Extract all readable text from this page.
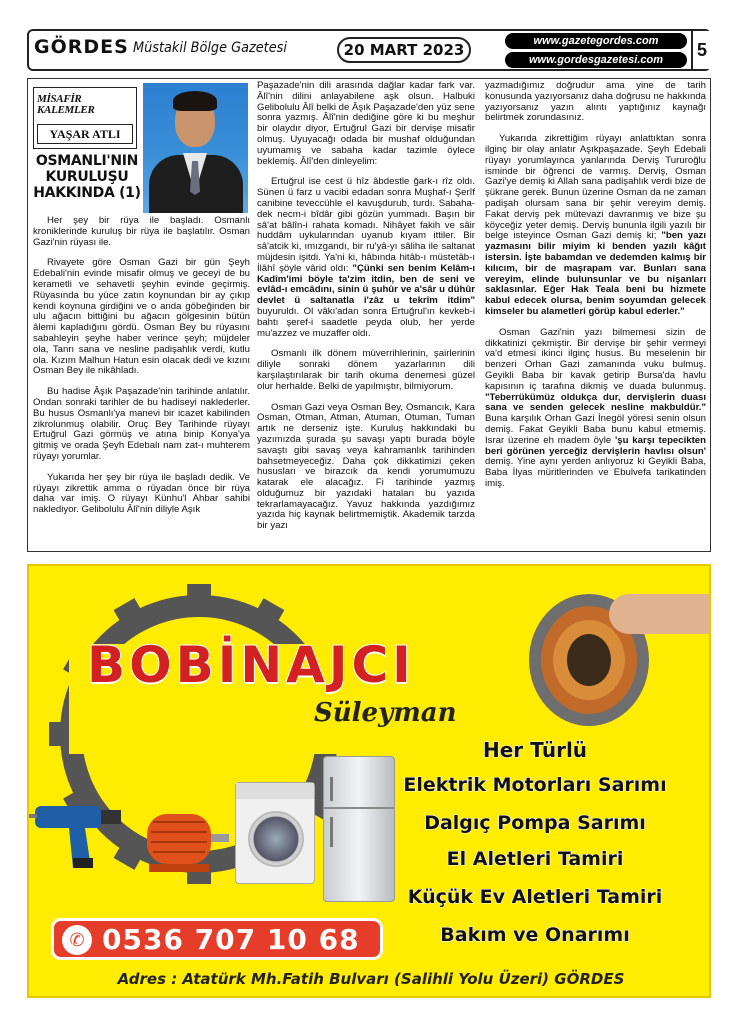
GÖRDES Müstakil Bölge Gazetesi	20 MART 2023	www.gazetegordes.com
www.gordesgazetesi.com	5
MİSAFİR KALEMLER
YAŞAR ATLI
OSMANLI'NIN KURULUŞU HAKKINDA (1)

Her şey bir rüya ile başladı. Osmanlı kroniklerinde kuruluş bir rüya ile başlatılır. Osman Gazi'nin rüyası ile.

Rivayete göre Osman Gazi bir gün Şeyh Edebali'nin evinde misafir olmuş ve geceyi de bu kerametli ve sehavetli şeyhin evinde geçirmiş. Rüyasında bu yüce zatın koynundan bir ay çıkıp kendi koynuna girdiğini ve o anda göbeğinden bir ulu ağacın bittiğini bu ağacın gölgesinin bütün âlemi kapladığını gördü. Osman Bey bu rüyasını sabahleyin şeyhe haber verince şeyh; müjdeler ola, Tanrı sana ve nesline padişahlık verdi, kutlu ola. Kızım Malhun Hatun esin olacak dedi ve kızını Osman Bey ile nikâhladı.

Bu hadise Âşık Paşazade'nin tarihinde anlatılır. Ondan sonraki tarihler de bu hadiseyi naklederler. Bu husus Osmanlı'ya manevi bir icazet kabilinden zikrolunmuş olabilir. Oruç Bey Tarihinde rüyayı Ertuğrul Gazi görmüş ve atına binip Konya'ya gitmiş ve orada Şeyh Edebalı nam zat-ı muhterem rüyayı yorumlar.

Yukarıda her şey bir rüya ile başladı dedik. Ve rüyayı zikrettik amma o rüyadan önce bir rüya daha var imiş. O rüyayı Künhu'l Ahbar sahibi naklediyor. Gelibolulu Âlî'nin diliyle Aşık

Paşazade'nin dili arasında dağlar kadar fark var. Âlî'nin dilini anlayabilene aşk olsun. Halbuki Gelibolulu Âlî belki de Âşık Paşazade'den yüz sene sonra yazmış. Âlî'nin dediğine göre ki bu meşhur bir olaydır diyor, Ertuğrul Gazi bir dervişe misafir olmuş. Uyuyacağı odada bir mushaf olduğundan uyumamış ve sabaha kadar tazimle öylece beklemiş. Âlî'den dinleyelim:

Ertuğrul ise cest ü hîz âbdestle ğark-ı rîz oldı. Sünen ü farz u vacibi edadan sonra Muşhaf-ı Şerîf canibine teveccühle el kavuşdurub, turdı. Sabaha-dek necm-i bîdâr gibi gözün yummadı. Başın bir sâ'at bâlîn-i rahata komadı. Nihâyet fakih ve sâir huddâm uykularından uyanub kıyam ittiler. Bir sâ'atcik ki, ımızgandı, bir ru'yâ-yı sâliha ile saltanat müjdesin işitdi. Ya'ni ki, hâbında hitâb-ı müstetâb-ı İlâhî şöyle vârid oldı: "Çünki sen benim Kelâm-ı Kadîm'imi böyle ta'zim itdin, ben de seni ve evlâd-ı emcâdını, sinin ü şuhûr ve a'sâr u dühûr devlet ü saltanatla i'zâz u tekrîm itdim" buyuruldı. Ol vâkı'adan sonra Ertuğrul'ın kevkeb-i bahtı şeref-i saadetle peyda olub, her yerde mu'azzez ve muzaffer oldı.

Osmanlı ilk dönem müverrihlerinin, şairlerinin diliyle sonraki dönem yazarlarının dili karşılaştırılarak bir tarih okuma denemesi güzel olur herhalde. Belki de yapılmıştır, bilmiyorum.

Osman Gazi veya Osman Bey, Osmancık, Kara Osman, Otman, Atman, Atuman, Otuman, Tuman artık ne derseniz işte. Kuruluş hakkındaki bu yazımızda şurada şu savaşı yaptı burada böyle savaştı gibi savaş veya kahramanlık tarihinden bahsetmeyeceğiz. Daha çok dikkatimizi çeken hususları ve birazcık da kendi yorumumuzu katarak ele alacağız. Fi tarihinde yazmış olduğumuz bir yazıdaki hataları bu yazıda tekrarlamayacağız. Yavuz hakkında yazdığımız yazıda hiç kaynak belirtmemiştik. Akademik tarzda bir yazı

yazmadığımız doğrudur ama yine de tarih konusunda yazıyorsanız daha doğrusu ne hakkında yazıyorsanız yazın alıntı yaptığınız kaynağı belirtmek zorundasınız.

Yukarıda zikrettiğim rüyayı anlattıktan sonra ilginç bir olay anlatır Aşıkpaşazade. Şeyh Edebali rüyayı yorumlayınca yanlarında Derviş Tururoğlu isminde bir öğrenci de varmış. Derviş, Osman Gazi'ye demiş ki Allah sana padişahlık verdi bize de şükrane gerek. Bunun üzerine Osman da ne zaman padişah olursam sana bir şehir vereyim demiş. Fakat derviş pek mütevazi davranmış ve bize şu köyceğiz yeter demiş. Derviş bununla ilgili yazılı bir belge isteyince Osman Gazi demiş ki; "ben yazı yazmasını bilir miyim ki benden yazılı kâğıt istersin. İşte babamdan ve dedemden kalmış bir kılıcım, bir de maşrapam var. Bunları sana vereyim, elinde bulunsunlar ve bu nişanları saklasınlar. Eğer Hak Teala beni bu hizmete kabul edecek olursa, benim soyumdan gelecek kimseler bu alametleri görüp kabul ederler."

Osman Gazi'nin yazı bilmemesi sizin de dikkatinizi çekmiştir. Bir dervişe bir şehir vermeyi va'd etmesi ikinci ilginç husus. Bu meselenin bir benzeri Orhan Gazi zamanında vuku bulmuş. Geyikli Baba bir kavak getirip Bursa'da havlu kapısının iç tarafına dikmiş ve duada bulunmuş. "Teberrükümüz oldukça dur, dervişlerin duası sana ve senden gelecek nesline makbuldür." Buna karşılık Orhan Gazi İnegöl yöresi senin olsun demiş. Fakat Geyikli Baba bunu kabul etmemiş. Israr üzerine eh madem öyle 'şu karşı tepecikten beri görünen yerceğiz dervişlerin havlısı olsun' demiş. Yine aynı yerden anlıyoruz ki Geyikli Baba, Baba İlyas müritlerinden ve Ebulvefa tarikatinden imiş.

BOBİNAJCI
Süleyman
Her Türlü
Elektrik Motorları Sarımı
Dalgıç Pompa Sarımı
El Aletleri Tamiri
Küçük Ev Aletleri Tamiri
Bakım ve Onarımı
✆ 0536 707 10 68
Adres : Atatürk Mh.Fatih Bulvarı (Salihli Yolu Üzeri) GÖRDES
